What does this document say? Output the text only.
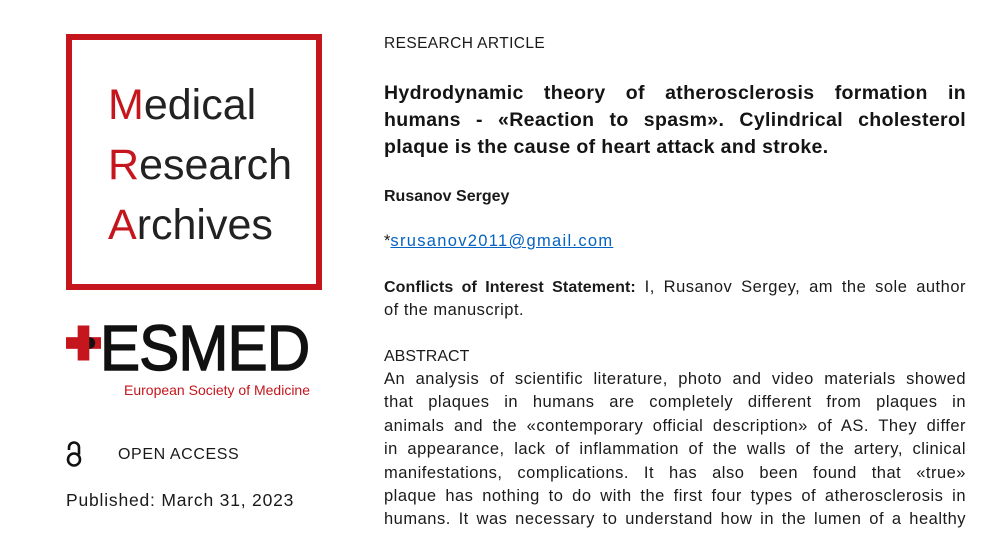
Medical
Research
Archives
ESMED
European Society of Medicine
OPEN ACCESS
Published: March 31, 2023
RESEARCH ARTICLE
Hydrodynamic theory of atherosclerosis formation in
humans - «Reaction to spasm». Cylindrical cholesterol
plaque is the cause of heart attack and stroke.
Rusanov Sergey
*srusanov2011@gmail.com
Conflicts of Interest Statement: I, Rusanov Sergey, am the sole author
of the manuscript.
ABSTRACT
An analysis of scientific literature, photo and video materials showed
that plaques in humans are completely different from plaques in
animals and the «contemporary official description» of AS. They differ
in appearance, lack of inflammation of the walls of the artery, clinical
manifestations, complications. It has also been found that «true»
plaque has nothing to do with the first four types of atherosclerosis in
humans. It was necessary to understand how in the lumen of a healthy
